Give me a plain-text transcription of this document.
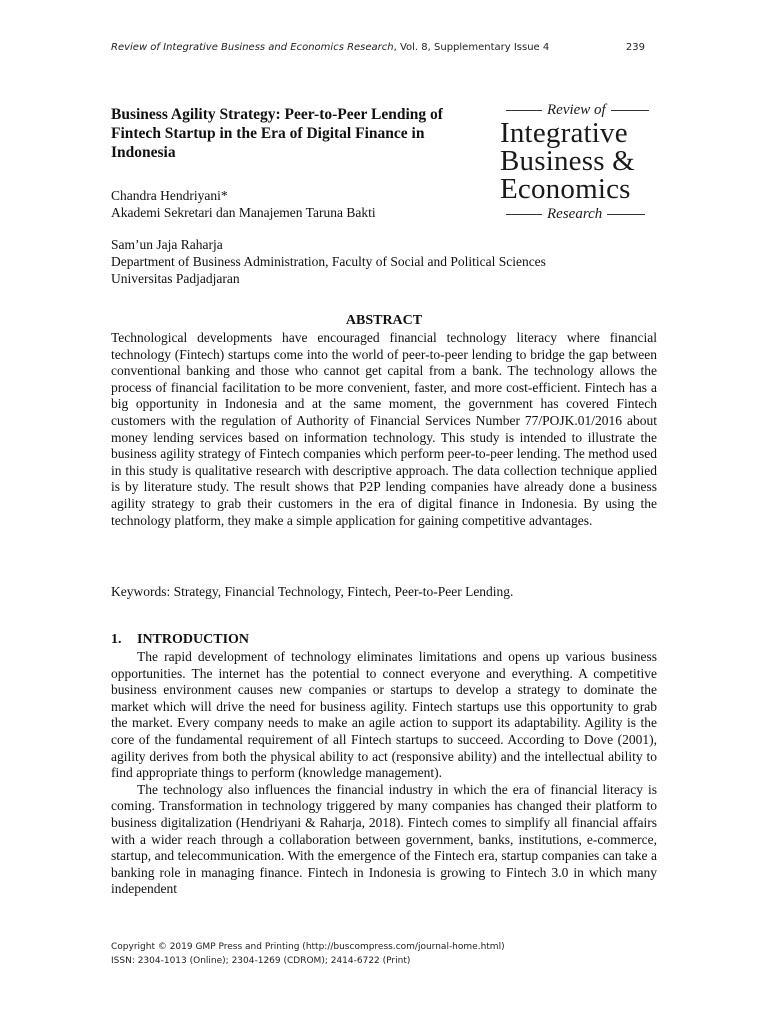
Review of Integrative Business and Economics Research, Vol. 8, Supplementary Issue 4	239
Business Agility Strategy: Peer-to-Peer Lending of Fintech Startup in the Era of Digital Finance in Indonesia
Review of
Integrative
Business &
Economics
Research
Chandra Hendriyani*
Akademi Sekretari dan Manajemen Taruna Bakti
Sam’un Jaja Raharja
Department of Business Administration, Faculty of Social and Political Sciences
Universitas Padjadjaran
ABSTRACT

Technological developments have encouraged financial technology literacy where financial technology (Fintech) startups come into the world of peer-to-peer lending to bridge the gap between conventional banking and those who cannot get capital from a bank. The technology allows the process of financial facilitation to be more convenient, faster, and more cost-efficient. Fintech has a big opportunity in Indonesia and at the same moment, the government has covered Fintech customers with the regulation of Authority of Financial Services Number 77/POJK.01/2016 about money lending services based on information technology. This study is intended to illustrate the business agility strategy of Fintech companies which perform peer-to-peer lending. The method used in this study is qualitative research with descriptive approach. The data collection technique applied is by literature study. The result shows that P2P lending companies have already done a business agility strategy to grab their customers in the era of digital finance in Indonesia. By using the technology platform, they make a simple application for gaining competitive advantages.

Keywords: Strategy, Financial Technology, Fintech, Peer-to-Peer Lending.

1. INTRODUCTION

The rapid development of technology eliminates limitations and opens up various business opportunities. The internet has the potential to connect everyone and everything. A competitive business environment causes new companies or startups to develop a strategy to dominate the market which will drive the need for business agility. Fintech startups use this opportunity to grab the market. Every company needs to make an agile action to support its adaptability. Agility is the core of the fundamental requirement of all Fintech startups to succeed. According to Dove (2001), agility derives from both the physical ability to act (responsive ability) and the intellectual ability to find appropriate things to perform (knowledge management).

The technology also influences the financial industry in which the era of financial literacy is coming. Transformation in technology triggered by many companies has changed their platform to business digitalization (Hendriyani & Raharja, 2018). Fintech comes to simplify all financial affairs with a wider reach through a collaboration between government, banks, institutions, e-commerce, startup, and telecommunication. With the emergence of the Fintech era, startup companies can take a banking role in managing finance. Fintech in Indonesia is growing to Fintech 3.0 in which many independent

Copyright © 2019 GMP Press and Printing (http://buscompress.com/journal-home.html)
ISSN: 2304-1013 (Online); 2304-1269 (CDROM); 2414-6722 (Print)
